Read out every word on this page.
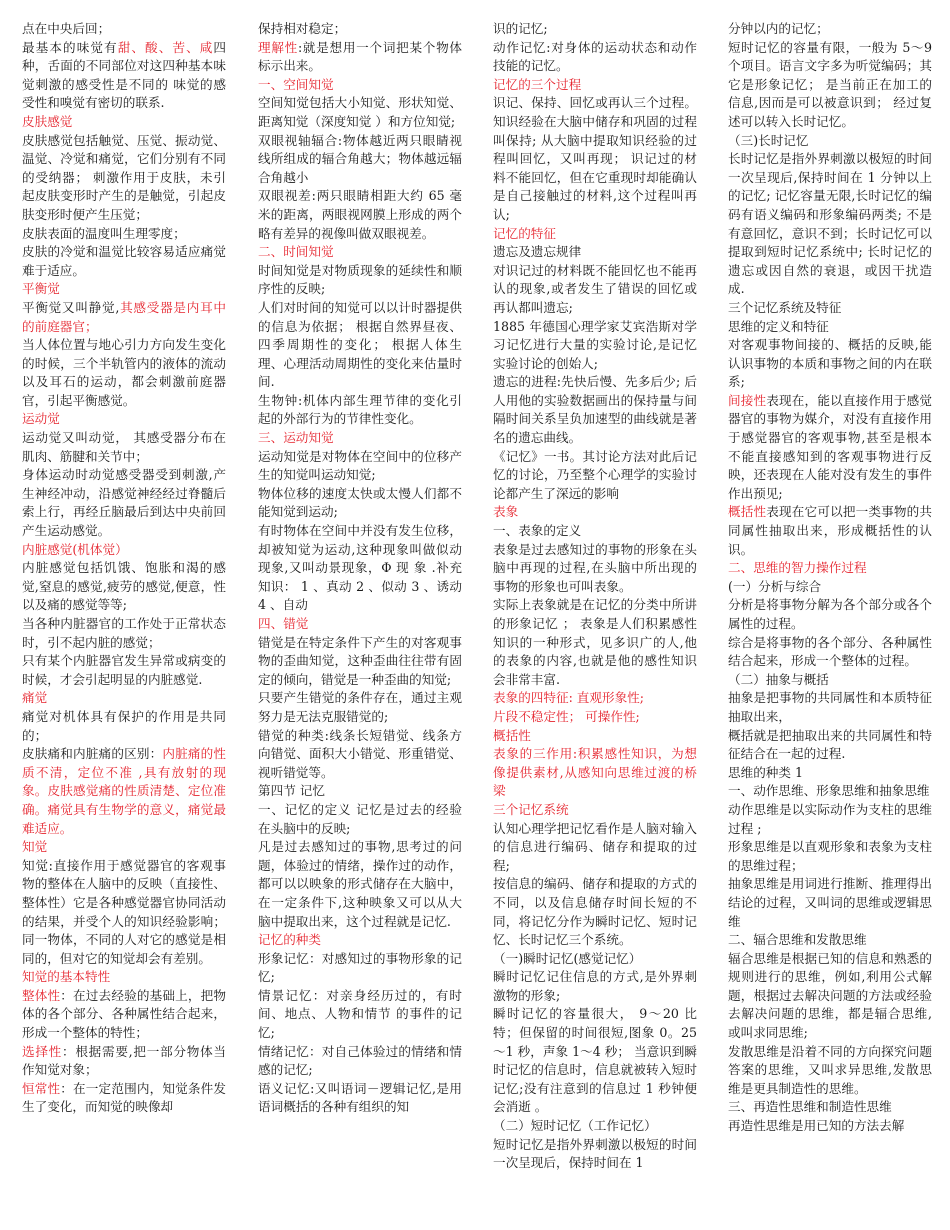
点在中央后回；

最基本的味觉有甜、酸、苦、咸四种，舌面的不同部位对这四种基本味觉刺激的感受性是不同的 味觉的感受性和嗅觉有密切的联系.

皮肤感觉

皮肤感觉包括触觉、压觉、振动觉、温觉、冷觉和痛觉，它们分别有不同的受纳器； 刺激作用于皮肤，未引起皮肤变形时产生的是触觉，引起皮肤变形时便产生压觉；

皮肤表面的温度叫生理零度；

皮肤的冷觉和温觉比较容易适应痛觉难于适应。

平衡觉

平衡觉又叫静觉,其感受器是内耳中的前庭器官；

当人体位置与地心引力方向发生变化的时候，三个半轨管内的液体的流动以及耳石的运动，都会刺激前庭器官，引起平衡感觉。

运动觉

运动觉又叫动觉， 其感受器分布在肌肉、筋腱和关节中；

身体运动时动觉感受器受到刺激,产生神经冲动，沿感觉神经经过脊髓后索上行，再经丘脑最后到达中央前回产生运动感觉。

内脏感觉(机体觉）

内脏感觉包括饥饿、饱胀和渴的感觉,窒息的感觉,疲劳的感觉,便意，性以及痛的感觉等等;

当各种内脏器官的工作处于正常状态时，引不起内脏的感觉；

只有某个内脏器官发生异常或病变的时候，才会引起明显的内脏感觉.

痛觉

痛觉对机体具有保护的作用是共同的；

皮肤痛和内脏痛的区别：内脏痛的性质不清，定位不准 ,具有放射的现象。皮肤感觉痛的性质清楚、定位准确。痛觉具有生物学的意义，痛觉最难适应。

知觉

知觉:直接作用于感觉器官的客观事物的整体在人脑中的反映（直接性、整体性）它是各种感觉器官协同活动的结果，并受个人的知识经验影响；同一物体，不同的人对它的感觉是相同的，但对它的知觉却会有差别。

知觉的基本特性

整体性：在过去经验的基础上，把物体的各个部分、各种属性结合起来，形成一个整体的特性；

选择性：根据需要,把一部分物体当作知觉对象；

恒常性：在一定范围内，知觉条件发生了变化，而知觉的映像却

保持相对稳定；

理解性:就是想用一个词把某个物体标示出来。

一、空间知觉

空间知觉包括大小知觉、形状知觉、距离知觉（深度知觉 ）和方位知觉;

双眼视轴辐合:物体越近两只眼睛视线所组成的辐合角越大；物体越远辐合角越小

双眼视差:两只眼睛相距大约 65 毫米的距离，两眼视网膜上形成的两个略有差异的视像叫做双眼视差。

二、时间知觉

时间知觉是对物质现象的延续性和顺序性的反映;

人们对时间的知觉可以以计时器提供的信息为依据； 根据自然界昼夜、四季周期性的变化； 根据人体生理、心理活动周期性的变化来估量时间.

生物钟:机体内部生理节律的变化引起的外部行为的节律性变化。

三、运动知觉

运动知觉是对物体在空间中的位移产生的知觉叫运动知觉;

物体位移的速度太快或太慢人们都不能知觉到运动;

有时物体在空间中并没有发生位移，却被知觉为运动,这种现象叫做似动现象,又叫动景现象，Φ 现 象 .补充知识： 1 、真动 2 、似动 3 、诱动 4 、自动

四、错觉

错觉是在特定条件下产生的对客观事物的歪曲知觉，这种歪曲往往带有固定的倾向，错觉是一种歪曲的知觉;

只要产生错觉的条件存在，通过主观努力是无法克服错觉的;

错觉的种类:线条长短错觉、线条方向错觉、面积大小错觉、形重错觉、视听错觉等。

第四节 记忆

一、记忆的定义 记忆是过去的经验在头脑中的反映;

凡是过去感知过的事物,思考过的问题，体验过的情绪，操作过的动作，都可以以映象的形式储存在大脑中，在一定条件下,这种映象又可以从大脑中提取出来，这个过程就是记忆.

记忆的种类

形象记忆：对感知过的事物形象的记忆;

情景记忆：对亲身经历过的，有时间、地点、人物和情节 的事件的记忆;

情绪记忆：对自己体验过的情绪和情感的记忆;

语义记忆:又叫语词－逻辑记忆,是用语词概括的各种有组织的知

识的记忆;

动作记忆:对身体的运动状态和动作技能的记忆。

记忆的三个过程

识记、保持、回忆或再认三个过程。 知识经验在大脑中储存和巩固的过程叫保持; 从大脑中提取知识经验的过程叫回忆，又叫再现； 识记过的材料不能回忆，但在它重现时却能确认是自己接触过的材料,这个过程叫再认;

记忆的特征

遗忘及遗忘规律

对识记过的材料既不能回忆也不能再认的现象,或者发生了错误的回忆或再认都叫遗忘;

1885 年德国心理学家艾宾浩斯对学习记忆进行大量的实验讨论,是记忆实验讨论的创始人;

遗忘的进程:先快后慢、先多后少; 后人用他的实验数据画出的保持量与间隔时间关系呈负加速型的曲线就是著名的遗忘曲线。

《记忆》一书。其讨论方法对此后记忆的讨论，乃至整个心理学的实验讨论都产生了深远的影响

表象

一、表象的定义

表象是过去感知过的事物的形象在头脑中再现的过程,在头脑中所出现的事物的形象也可叫表象。

实际上表象就是在记忆的分类中所讲的形象记忆 ； 表象是人们积累感性知识的一种形式，见多识广的人,他的表象的内容,也就是他的感性知识会非常丰富.

表象的四特征: 直观形象性;

片段不稳定性； 可操作性;

概括性

表象的三作用:积累感性知识，为想像提供素材,从感知向思维过渡的桥梁

三个记忆系统

认知心理学把记忆看作是人脑对输入的信息进行编码、储存和提取的过程;

按信息的编码、储存和提取的方式的不同，以及信息储存时间长短的不同，将记忆分作为瞬时记忆、短时记忆、长时记忆三个系统。

（一)瞬时记忆(感觉记忆）

瞬时记忆记住信息的方式,是外界刺激物的形象;

瞬时记忆的容量很大， 9～20 比特；但保留的时间很短,图象 0。25～1 秒，声象 1～4 秒； 当意识到瞬时记忆的信息时，信息就被转入短时记忆;没有注意到的信息过 1 秒钟便会消逝 。

（二）短时记忆（工作记忆）

短时记忆是指外界刺激以极短的时间一次呈现后，保持时间在 1

分钟以内的记忆；

短时记忆的容量有限，一般为 5～9 个项目。语言文字多为听觉编码；其它是形象记忆； 是当前正在加工的信息,因而是可以被意识到； 经过复述可以转入长时记忆。

（三)长时记忆

长时记忆是指外界刺激以极短的时间一次呈现后,保持时间在 1 分钟以上的记忆; 记忆容量无限,长时记忆的编码有语义编码和形象编码两类; 不是有意回忆，意识不到；长时记忆可以提取到短时记忆系统中; 长时记忆的遗忘或因自然的衰退，或因干扰造成.

三个记忆系统及特征

思维的定义和特征

对客观事物间接的、概括的反映,能认识事物的本质和事物之间的内在联系;

间接性表现在，能以直接作用于感觉器官的事物为媒介，对没有直接作用于感觉器官的客观事物,甚至是根本不能直接感知到的客观事物进行反映，还表现在人能对没有发生的事件作出预见;

概括性表现在它可以把一类事物的共同属性抽取出来，形成概括性的认识。

二、思维的智力操作过程

(一）分析与综合

分析是将事物分解为各个部分或各个属性的过程。

综合是将事物的各个部分、各种属性结合起来，形成一个整体的过程。

（二）抽象与概括

抽象是把事物的共同属性和本质特征抽取出来，

概括就是把抽取出来的共同属性和特征结合在一起的过程.

思维的种类 1

一、动作思维、形象思维和抽象思维

动作思维是以实际动作为支柱的思维过程 ;

形象思维是以直观形象和表象为支柱的思维过程；

抽象思维是用词进行推断、推理得出结论的过程，又叫词的思维或逻辑思维

二、辐合思维和发散思维

辐合思维是根据已知的信息和熟悉的规则进行的思维，例如,利用公式解题，根据过去解决问题的方法或经验去解决问题的思维，都是辐合思维,或叫求同思维;

发散思维是沿着不同的方向探究问题答案的思维，又叫求异思维,发散思维是更具制造性的思维。

三、再造性思维和制造性思维

再造性思维是用已知的方法去解
